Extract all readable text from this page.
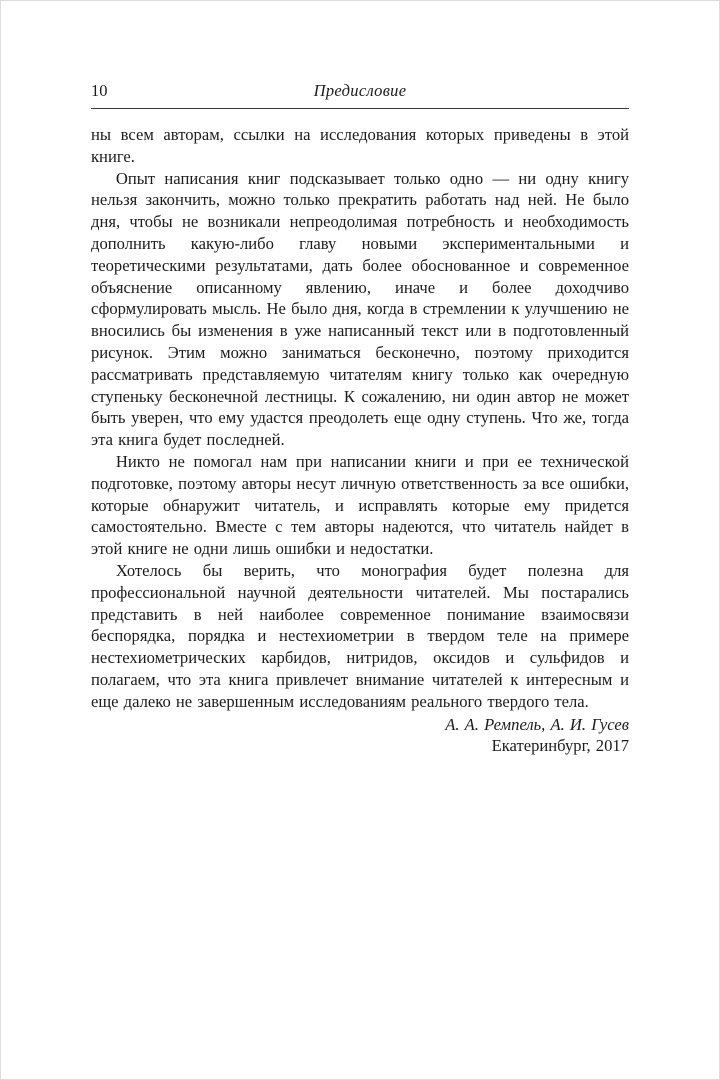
10	Предисловие

ны всем авторам, ссылки на исследования которых приведены в этой книге.

Опыт написания книг подсказывает только одно — ни одну книгу нельзя закончить, можно только прекратить работать над ней. Не было дня, чтобы не возникали непреодолимая потребность и необходимость дополнить какую-либо главу новыми экспериментальными и теоретическими результатами, дать более обоснованное и современное объяснение описанному явлению, иначе и более доходчиво сформулировать мысль. Не было дня, когда в стремлении к улучшению не вносились бы изменения в уже написанный текст или в подготовленный рисунок. Этим можно заниматься бесконечно, поэтому приходится рассматривать представляемую читателям книгу только как очередную ступеньку бесконечной лестницы. К сожалению, ни один автор не может быть уверен, что ему удастся преодолеть еще одну ступень. Что же, тогда эта книга будет последней.

Никто не помогал нам при написании книги и при ее технической подготовке, поэтому авторы несут личную ответственность за все ошибки, которые обнаружит читатель, и исправлять которые ему придется самостоятельно. Вместе с тем авторы надеются, что читатель найдет в этой книге не одни лишь ошибки и недостатки.

Хотелось бы верить, что монография будет полезна для профессиональной научной деятельности читателей. Мы постарались представить в ней наиболее современное понимание взаимосвязи беспорядка, порядка и нестехиометрии в твердом теле на примере нестехиометрических карбидов, нитридов, оксидов и сульфидов и полагаем, что эта книга привлечет внимание читателей к интересным и еще далеко не завершенным исследованиям реального твердого тела.

А. А. Ремпель, А. И. Гусев
Екатеринбург, 2017
